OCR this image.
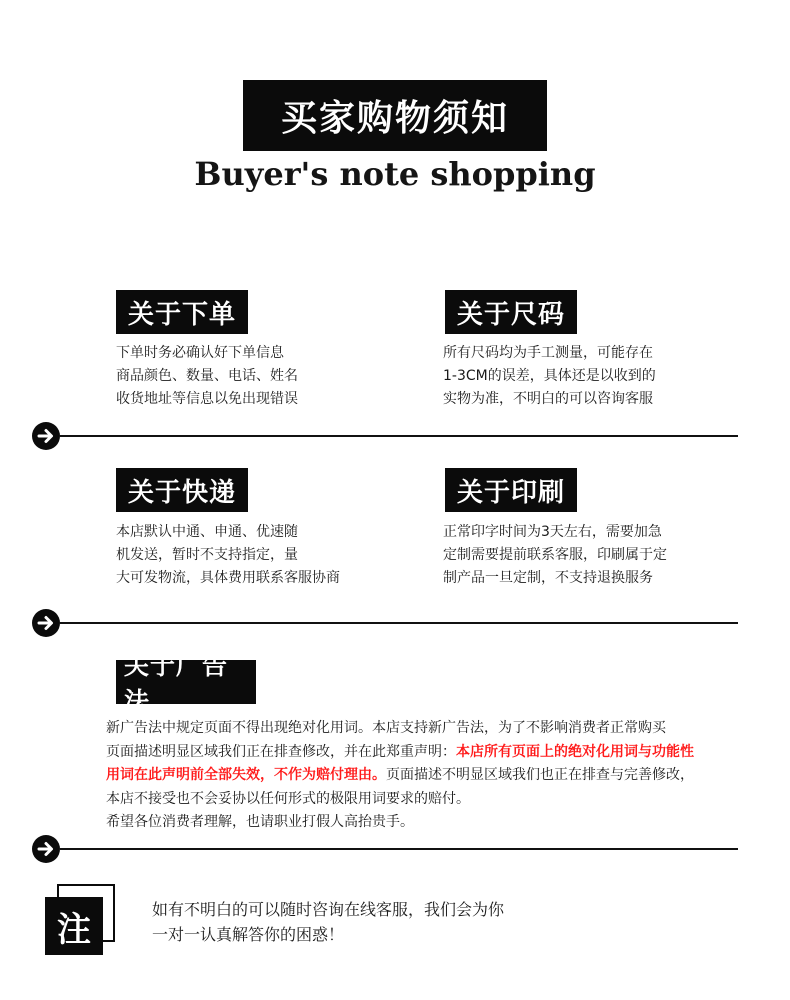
买家购物须知
Buyer's note shopping
关于下单

下单时务必确认好下单信息

商品颜色、数量、电话、姓名

收货地址等信息以免出现错误

关于尺码

所有尺码均为手工测量，可能存在

1-3CM的误差，具体还是以收到的

实物为准，不明白的可以咨询客服

关于快递

本店默认中通、申通、优速随

机发送，暂时不支持指定，量

大可发物流，具体费用联系客服协商

关于印刷

正常印字时间为3天左右，需要加急

定制需要提前联系客服，印刷属于定

制产品一旦定制，不支持退换服务

关于广告法

新广告法中规定页面不得出现绝对化用词。本店支持新广告法，为了不影响消费者正常购买

页面描述明显区域我们正在排查修改，并在此郑重声明：本店所有页面上的绝对化用词与功能性

用词在此声明前全部失效，不作为赔付理由。页面描述不明显区域我们也正在排查与完善修改，

本店不接受也不会妥协以任何形式的极限用词要求的赔付。

希望各位消费者理解，也请职业打假人高抬贵手。

注	如有不明白的可以随时咨询在线客服，我们会为你

一对一认真解答你的困惑！
